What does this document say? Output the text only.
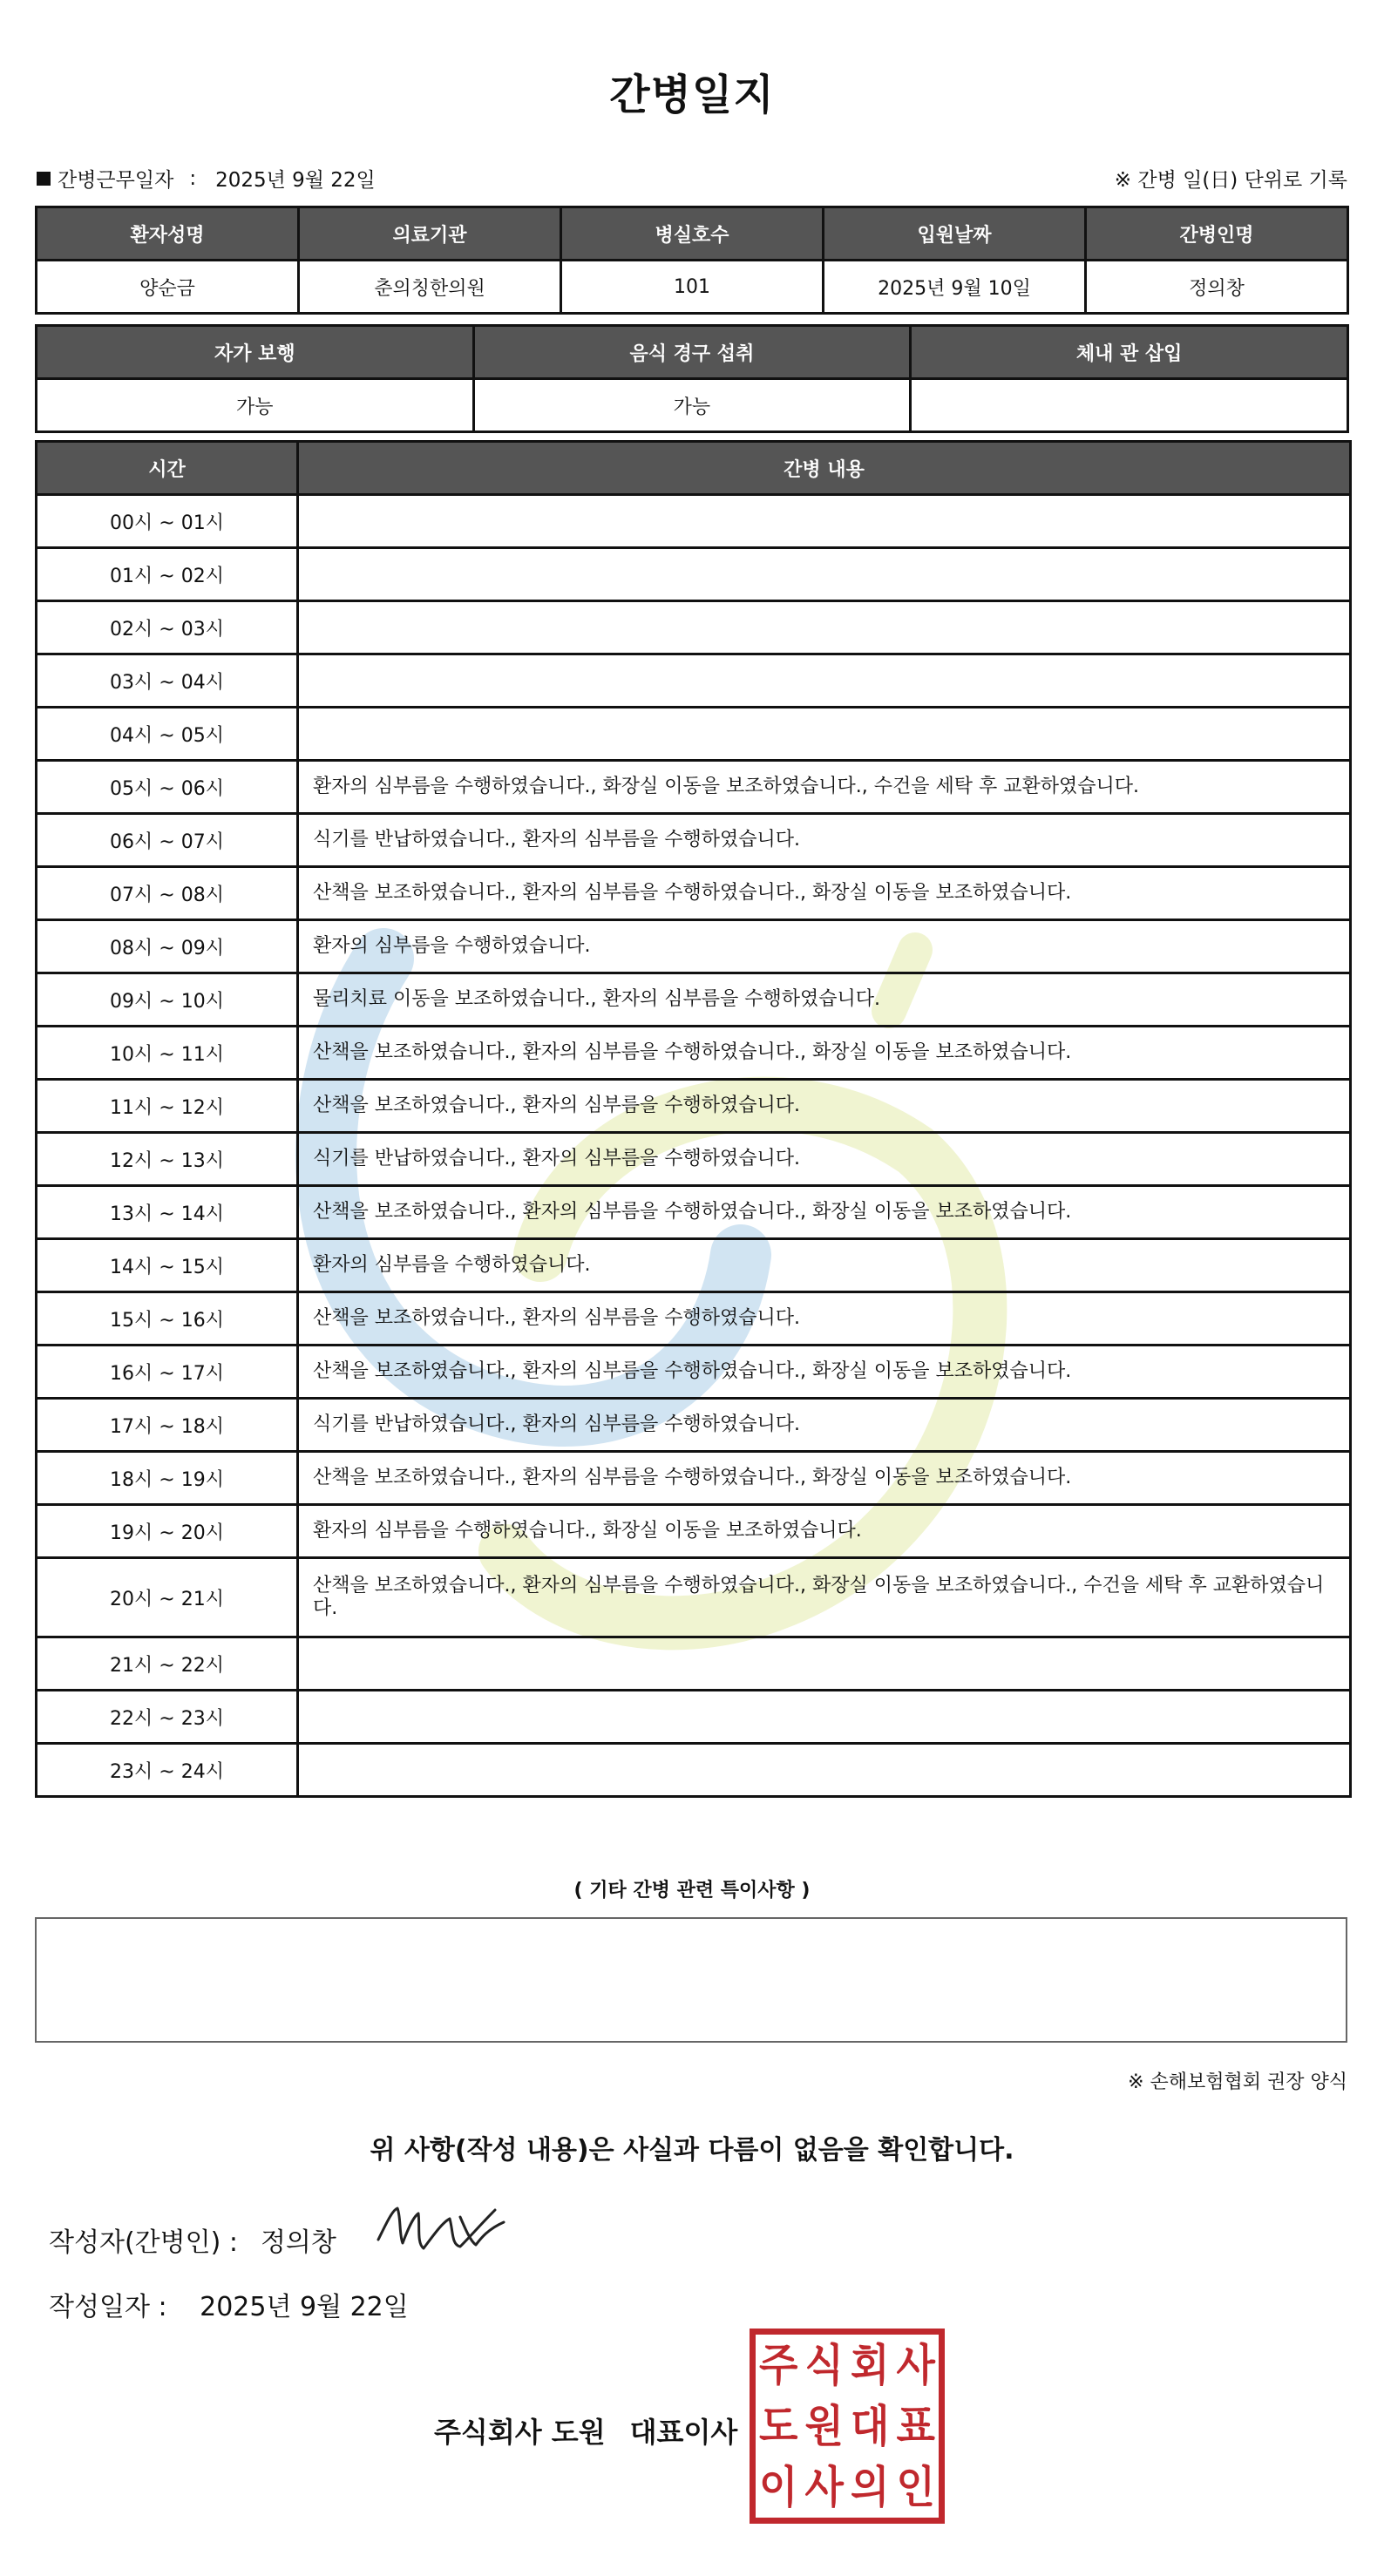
간병일지
간병근무일자 : 2025년 9월 22일	※ 간병 일(日) 단위로 기록
환자성명	의료기관	병실호수	입원날짜	간병인명
양순금	춘의칭한의원	101	2025년 9월 10일	정의창
자가 보행	음식 경구 섭취	체내 관 삽입
가능	가능	
시간	간병 내용
00시 ~ 01시	
01시 ~ 02시	
02시 ~ 03시	
03시 ~ 04시	
04시 ~ 05시	
05시 ~ 06시	환자의 심부름을 수행하였습니다., 화장실 이동을 보조하였습니다., 수건을 세탁 후 교환하였습니다.
06시 ~ 07시	식기를 반납하였습니다., 환자의 심부름을 수행하였습니다.
07시 ~ 08시	산책을 보조하였습니다., 환자의 심부름을 수행하였습니다., 화장실 이동을 보조하였습니다.
08시 ~ 09시	환자의 심부름을 수행하였습니다.
09시 ~ 10시	물리치료 이동을 보조하였습니다., 환자의 심부름을 수행하였습니다.
10시 ~ 11시	산책을 보조하였습니다., 환자의 심부름을 수행하였습니다., 화장실 이동을 보조하였습니다.
11시 ~ 12시	산책을 보조하였습니다., 환자의 심부름을 수행하였습니다.
12시 ~ 13시	식기를 반납하였습니다., 환자의 심부름을 수행하였습니다.
13시 ~ 14시	산책을 보조하였습니다., 환자의 심부름을 수행하였습니다., 화장실 이동을 보조하였습니다.
14시 ~ 15시	환자의 심부름을 수행하였습니다.
15시 ~ 16시	산책을 보조하였습니다., 환자의 심부름을 수행하였습니다.
16시 ~ 17시	산책을 보조하였습니다., 환자의 심부름을 수행하였습니다., 화장실 이동을 보조하였습니다.
17시 ~ 18시	식기를 반납하였습니다., 환자의 심부름을 수행하였습니다.
18시 ~ 19시	산책을 보조하였습니다., 환자의 심부름을 수행하였습니다., 화장실 이동을 보조하였습니다.
19시 ~ 20시	환자의 심부름을 수행하였습니다., 화장실 이동을 보조하였습니다.
20시 ~ 21시	산책을 보조하였습니다., 환자의 심부름을 수행하였습니다., 화장실 이동을 보조하였습니다., 수건을 세탁 후 교환하였습니다.
21시 ~ 22시	
22시 ~ 23시	
23시 ~ 24시	
( 기타 간병 관련 특이사항 )
※ 손해보험협회 권장 양식
위 사항(작성 내용)은 사실과 다름이 없음을 확인합니다.
작성자(간병인) : 정의창
작성일자 : 2025년 9월 22일
주식회사 도원 대표이사
주 식 회 사
도 원 대 표
이 사 의 인
